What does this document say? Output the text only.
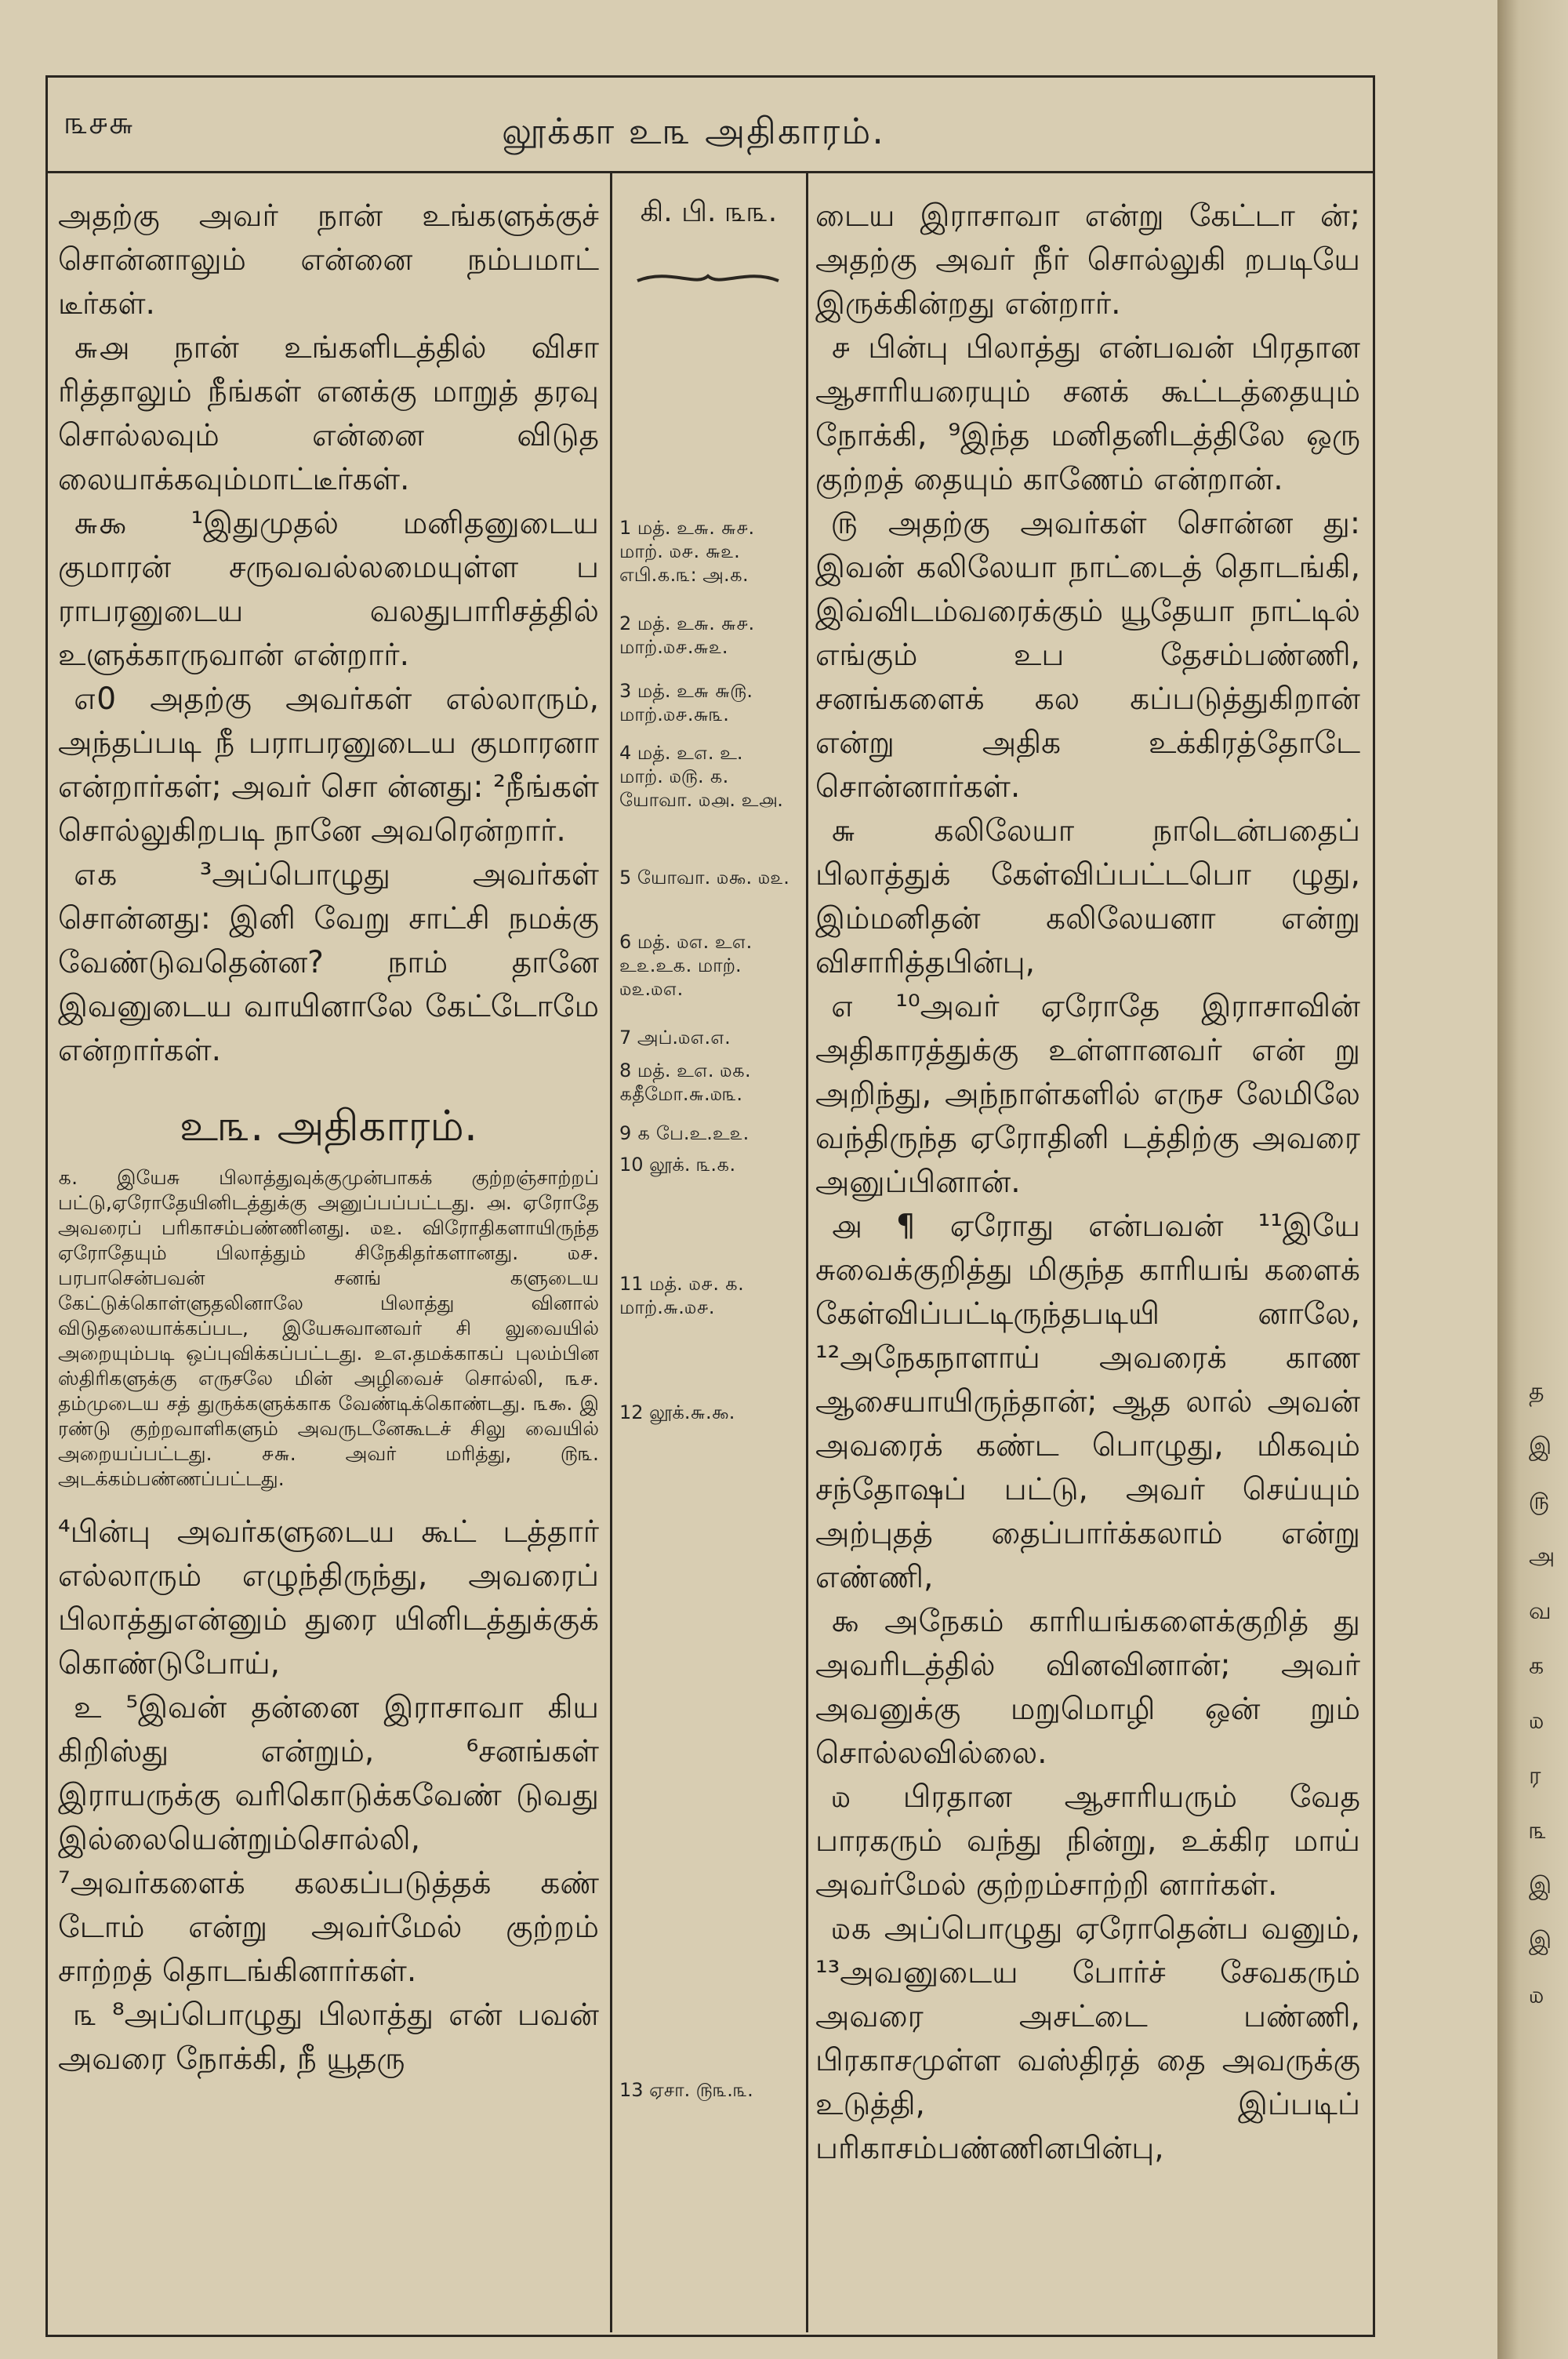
த
இ
௫
அ
வ
க
௰
ர
௩
இ
இ
௰
௩௪௬	லூக்கா உ௩ அதிகாரம்.

அதற்கு அவர் நான் உங்களுக்குச் சொன்னாலும் என்னை நம்பமாட் டீர்கள்.

௬௮ நான் உங்களிடத்தில் விசா ரித்தாலும் நீங்கள் எனக்கு மாறுத் தரவு சொல்லவும் என்னை விடுத லையாக்கவும்மாட்டீர்கள்.

௬௯ ¹இதுமுதல் மனிதனுடைய குமாரன் சருவவல்லமையுள்ள ப ராபரனுடைய வலதுபாரிசத்தில் உளுக்காருவான் என்றார்.

௭0 அதற்கு அவர்கள் எல்லாரும், அந்தப்படி நீ பராபரனுடைய குமாரனா என்றார்கள்; அவர் சொ ன்னது: ²நீங்கள் சொல்லுகிறபடி நானே அவரென்றார்.

௭௧ ³அப்பொழுது அவர்கள் சொன்னது: இனி வேறு சாட்சி நமக்கு வேண்டுவதென்ன? நாம் தானே இவனுடைய வாயினாலே கேட்டோமே என்றார்கள்.

உ௩. அதிகாரம்.
௧. இயேசு பிலாத்துவுக்குமுன்பாகக் குற்றஞ்சாற்றப் பட்டு,ஏரோதேயினிடத்துக்கு அனுப்பப்பட்டது. ௮. ஏரோதே அவரைப் பரிகாசம்பண்ணினது. ௰௨. விரோதிகளாயிருந்த ஏரோதேயும் பிலாத்தும் சிநேகிதர்களானது. ௰௪. பரபாசென்பவன் சனங் களுடைய கேட்டுக்கொள்ளுதலினாலே பிலாத்து வினால் விடுதலையாக்கப்பட, இயேசுவானவர் சி லுவையில் அறையும்படி ஒப்புவிக்கப்பட்டது. உ௭.தமக்காகப் புலம்பின ஸ்திரிகளுக்கு எருசலே மின் அழிவைச் சொல்லி, ௩௪. தம்முடைய சத் துருக்களுக்காக வேண்டிக்கொண்டது. ௩௯. இ ரண்டு குற்றவாளிகளும் அவருடனேகூடச் சிலு வையில் அறையப்பட்டது. ௪௬. அவர் மரித்து, ௫௩. அடக்கம்பண்ணப்பட்டது.

⁴பின்பு அவர்களுடைய கூட் டத்தார் எல்லாரும் எழுந்திருந்து, அவரைப் பிலாத்துஎன்னும் துரை யினிடத்துக்குக் கொண்டுபோய்,

உ ⁵இவன் தன்னை இராசாவா கிய கிறிஸ்து என்றும், ⁶சனங்கள் இராயருக்கு வரிகொடுக்கவேண் டுவது இல்லையென்றும்சொல்லி, ⁷அவர்களைக் கலகப்படுத்தக் கண் டோம் என்று அவர்மேல் குற்றம் சாற்றத் தொடங்கினார்கள்.

௩ ⁸அப்பொழுது பிலாத்து என் பவன் அவரை நோக்கி, நீ யூதரு

கி. பி. ௩௩.
1 மத். உ௬. ௬௪. மாற். ௰௪. ௬௨. எபி.௧.௩: அ.௧.
2 மத். உ௬. ௬௪. மாற்.௰௪.௬௨.
3 மத். உ௬ ௬௫. மாற்.௰௪.௬௩.
4 மத். உ௭. உ. மாற். ௰௫. ௧. யோவா. ௰௮. உ௮.
5 யோவா. ௰௯. ௰௨.
6 மத். ௰௭. உ௭. உ௨.உ௧. மாற். ௰௨.௰௭.
7 அப்.௰௭.௭.
8 மத். உ௭. ௰௧. ௧தீமோ.௬.௰௩.
9 ௧ பே.உ.உ௨.
10 லூக். ௩.௧.
11 மத். ௰௪. ௧. மாற்.௬.௰௪.
12 லூக்.௬.௯.
13 ஏசா. ௫௩.௩.

டைய இராசாவா என்று கேட்டா ன்; அதற்கு அவர் நீர் சொல்லுகி றபடியே இருக்கின்றது என்றார்.

௪ பின்பு பிலாத்து என்பவன் பிரதான ஆசாரியரையும் சனக் கூட்டத்தையும் நோக்கி, ⁹இந்த மனிதனிடத்திலே ஒரு குற்றத் தையும் காணேம் என்றான்.

௫ அதற்கு அவர்கள் சொன்ன து: இவன் கலிலேயா நாட்டைத் தொடங்கி, இவ்விடம்வரைக்கும் யூதேயா நாட்டில் எங்கும் உப தேசம்பண்ணி, சனங்களைக் கல கப்படுத்துகிறான் என்று அதிக உக்கிரத்தோடே சொன்னார்கள்.

௬ கலிலேயா நாடென்பதைப் பிலாத்துக் கேள்விப்பட்டபொ ழுது, இம்மனிதன் கலிலேயனா என்று விசாரித்தபின்பு,

௭ ¹⁰அவர் ஏரோதே இராசாவின் அதிகாரத்துக்கு உள்ளானவர் என் று அறிந்து, அந்நாள்களில் எருச லேமிலே வந்திருந்த ஏரோதினி டத்திற்கு அவரை அனுப்பினான்.

௮ ¶ ஏரோது என்பவன் ¹¹இயே சுவைக்குறித்து மிகுந்த காரியங் களைக் கேள்விப்பட்டிருந்தபடியி னாலே, ¹²அநேகநாளாய் அவரைக் காண ஆசையாயிருந்தான்; ஆத லால் அவன் அவரைக் கண்ட பொழுது, மிகவும் சந்தோஷப் பட்டு, அவர் செய்யும் அற்புதத் தைப்பார்க்கலாம் என்று எண்ணி,

௯ அநேகம் காரியங்களைக்குறித் து அவரிடத்தில் வினவினான்; அவர் அவனுக்கு மறுமொழி ஒன் றும் சொல்லவில்லை.

௰ பிரதான ஆசாரியரும் வேத பாரகரும் வந்து நின்று, உக்கிர மாய் அவர்மேல் குற்றம்சாற்றி னார்கள்.

௰௧ அப்பொழுது ஏரோதென்ப வனும், ¹³அவனுடைய போர்ச் சேவகரும் அவரை அசட்டை பண்ணி, பிரகாசமுள்ள வஸ்திரத் தை அவருக்கு உடுத்தி, இப்படிப் பரிகாசம்பண்ணினபின்பு,
